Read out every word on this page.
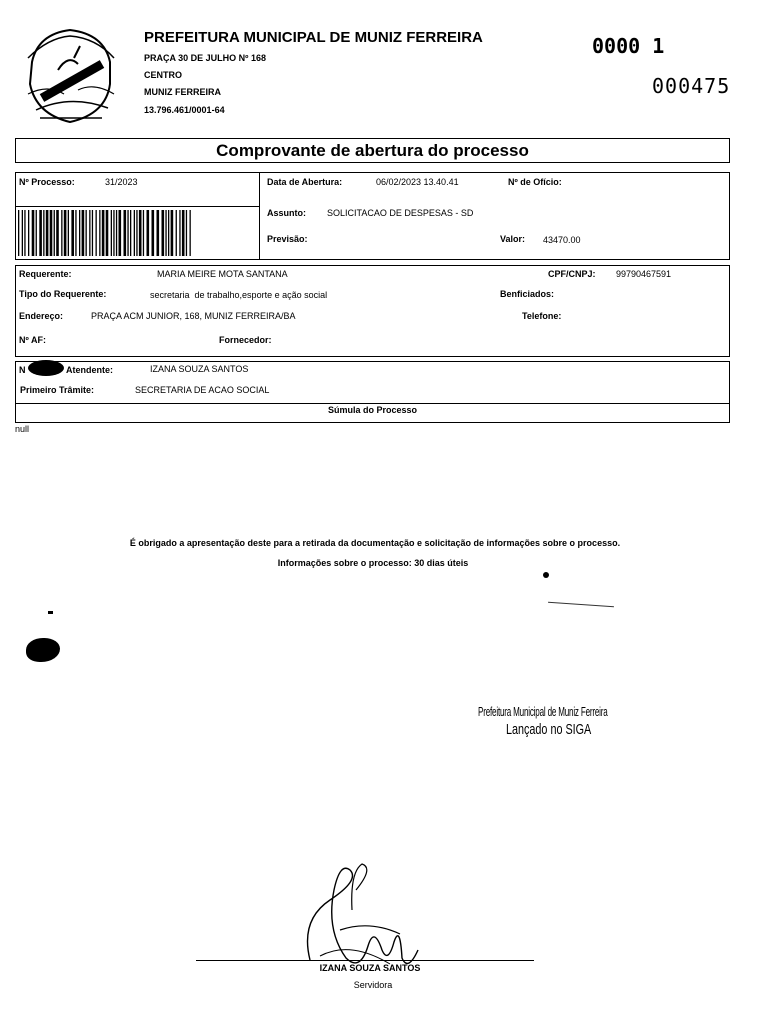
PREFEITURA MUNICIPAL DE MUNIZ FERREIRA
PRAÇA 30 DE JULHO Nº 168
CENTRO
MUNIZ FERREIRA
13.796.461/0001-64
0000 1
000475
Comprovante de abertura do processo
Nº Processo:	31/2023	Data de Abertura:	06/02/2023 13.40.41	Nº de Ofício:
Assunto: SOLICITACAO DE DESPESAS - SD
Previsão:	Valor: 43470.00
Requerente:	MARIA MEIRE MOTA SANTANA	CPF/CNPJ: 99790467591
Tipo do Requerente:	secretaria  de trabalho,esporte e ação social	Benficiados:
Endereço:	PRAÇA ACM JUNIOR, 168, MUNIZ FERREIRA/BA	Telefone:
Nº AF:	Fornecedor:
N	Atendente:	IZANA SOUZA SANTOS
Primeiro Trâmite:	SECRETARIA DE ACAO SOCIAL
Súmula do Processo
null
É obrigado a apresentação deste para a retirada da documentação e solicitação de informações sobre o processo.
Informações sobre o processo: 30 dias úteis
Prefeitura Municipal de Muniz Ferreira
Lançado no SIGA
IZANA SOUZA SANTOS
Servidora
